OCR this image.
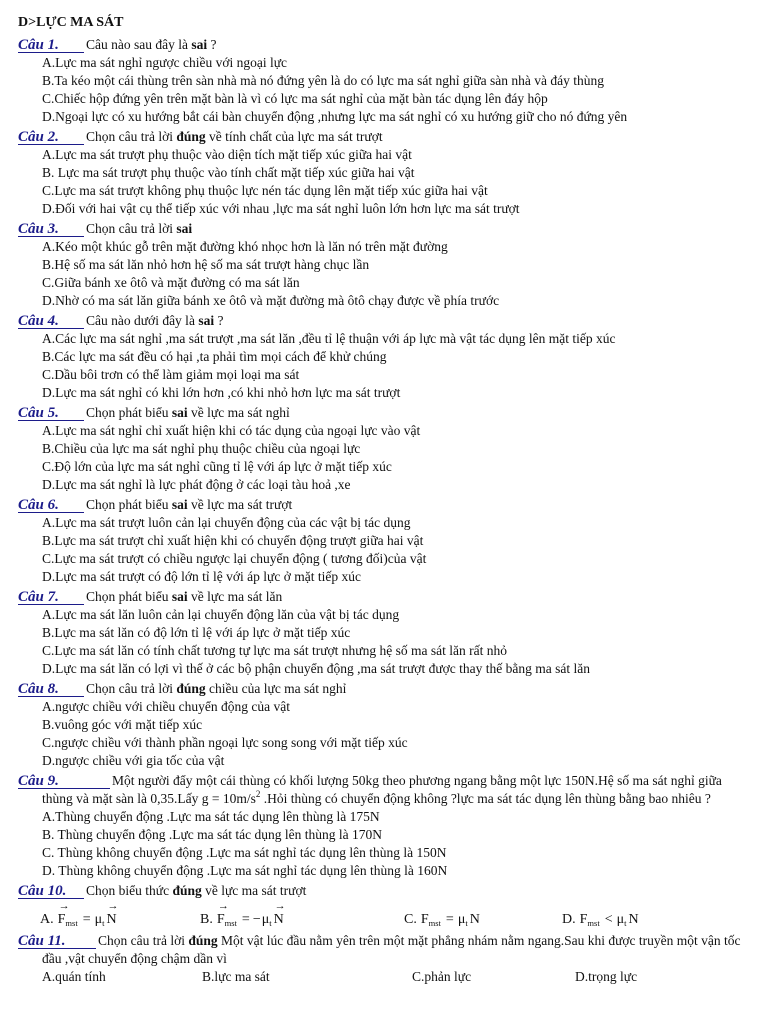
D>LỰC MA SÁT
Câu 1. Câu nào sau đây là sai ?
A.Lực ma sát nghỉ ngược chiều với ngoại lực
B.Ta kéo một cái thùng trên sàn nhà mà nó đứng yên là do có lực ma sát nghỉ giữa sàn nhà và đáy thùng
C.Chiếc hộp đứng yên trên mặt bàn là vì có lực ma sát nghỉ của mặt bàn tác dụng lên đáy hộp
D.Ngoại lực có xu hướng bắt cái bàn chuyển động ,nhưng lực ma sát nghỉ có xu hướng giữ cho nó đứng yên
Câu 2. Chọn câu trả lời đúng về tính chất của lực ma sát trượt
A.Lực ma sát trượt phụ thuộc vào diện tích mặt tiếp xúc giữa hai vật
B. Lực ma sát trượt phụ thuộc vào tính chất mặt tiếp xúc giữa hai vật
C.Lực ma sát trượt không phụ thuộc lực nén tác dụng lên mặt tiếp xúc giữa hai vật
D.Đối với hai vật cụ thể tiếp xúc với nhau ,lực ma sát nghỉ luôn lớn hơn lực ma sát trượt
Câu 3. Chọn câu trả lời sai
A.Kéo một khúc gỗ trên mặt đường khó nhọc hơn là lăn nó trên mặt đường
B.Hệ số ma sát lăn nhỏ hơn hệ số ma sát trượt hàng chục lần
C.Giữa bánh xe ôtô và mặt đường có ma sát lăn
D.Nhờ có ma sát lăn giữa bánh xe ôtô và mặt đường mà ôtô chạy được về phía trước
Câu 4. Câu nào dưới đây là sai ?
A.Các lực ma sát nghỉ ,ma sát trượt ,ma sát lăn ,đều tỉ lệ thuận với áp lực mà vật tác dụng lên mặt tiếp xúc
B.Các lực ma sát đều có hại ,ta phải tìm mọi cách để khử chúng
C.Dầu bôi trơn có thể làm giảm mọi loại ma sát
D.Lực ma sát nghỉ có khi lớn hơn ,có khi nhỏ hơn lực ma sát trượt
Câu 5. Chọn phát biểu sai về lực ma sát nghỉ
A.Lực ma sát nghỉ chỉ xuất hiện khi có tác dụng của ngoại lực vào vật
B.Chiều của lực ma sát nghỉ phụ thuộc chiều của ngoại lực
C.Độ lớn của lực ma sát nghỉ cũng tỉ lệ với áp lực ở mặt tiếp xúc
D.Lực ma sát nghỉ là lực phát động ở các loại tàu hoả ,xe
Câu 6. Chọn phát biểu sai về lực ma sát trượt
A.Lực ma sát trượt luôn cản lại chuyển động của các vật bị tác dụng
B.Lực ma sát trượt chỉ xuất hiện khi có chuyển động trượt giữa hai vật
C.Lực ma sát trượt có chiều ngược lại chuyển động ( tương đối)của vật
D.Lực ma sát trượt có độ lớn tỉ lệ với áp lực ở mặt tiếp xúc
Câu 7. Chọn phát biểu sai về lực ma sát lăn
A.Lực ma sát lăn luôn cản lại chuyển động lăn của vật bị tác dụng
B.Lực ma sát lăn có độ lớn tỉ lệ với áp lực ở mặt tiếp xúc
C.Lực ma sát lăn có tính chất tương tự lực ma sát trượt nhưng hệ số ma sát lăn rất nhỏ
D.Lực ma sát lăn có lợi vì thế ở các bộ phận chuyển động ,ma sát trượt được thay thế bằng ma sát lăn
Câu 8. Chọn câu trả lời đúng chiều của lực ma sát nghỉ
A.ngược chiều với chiều chuyển động của vật
B.vuông góc với mặt tiếp xúc
C.ngược chiều với thành phần ngoại lực song song với mặt tiếp xúc
D.ngược chiều với gia tốc của vật
Câu 9.	Một người đẩy một cái thùng có khối lượng 50kg theo phương ngang bằng một lực 150N.Hệ số ma sát nghỉ giữa thùng và mặt sàn là 0,35.Lấy $g = 10m/s^2$ .Hỏi thùng có chuyển động không ?lực ma sát tác dụng lên thùng bằng bao nhiêu ?
A.Thùng chuyển động .Lực ma sát tác dụng lên thùng là 175N
B. Thùng chuyển động .Lực ma sát tác dụng lên thùng là 170N
C. Thùng không chuyển động .Lực ma sát nghỉ tác dụng lên thùng là 150N
D. Thùng không chuyển động .Lực ma sát nghỉ tác dụng lên thùng là 160N
Câu 10. Chọn biểu thức đúng về lực ma sát trượt
A. $F \to_{mst} = \mu_t$ N →	B. $F \to_{mst} = -\mu_t$ N →	C. $F_{mst} = \mu_t$ N	D. $F_{mst} < \mu_t$ N
Câu 11. Chọn câu trả lời đúng Một vật lúc đầu nằm yên trên một mặt phẳng nhám nằm ngang.Sau khi được truyền một vận tốc đầu ,vật chuyển động chậm dần vì
A.quán tính	B.lực ma sát	C.phản lực	D.trọng lực
